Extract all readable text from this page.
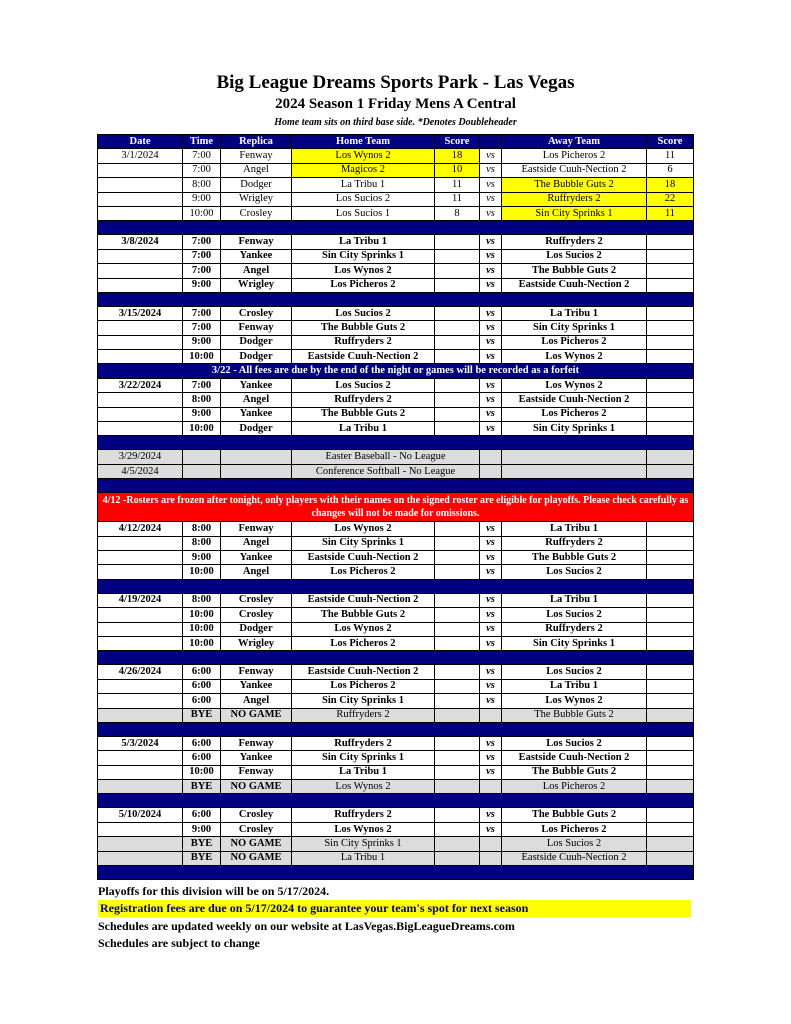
Big League Dreams Sports Park - Las Vegas
2024 Season 1 Friday Mens A Central
Home team sits on third base side. *Denotes Doubleheader
Date	Time	Replica	Home Team	Score		Away Team	Score
3/1/2024	7:00	Fenway	Los Wynos 2	18	vs	Los Picheros 2	11
	7:00	Angel	Magicos 2	10	vs	Eastside Cuuh-Nection 2	6
	8:00	Dodger	La Tribu 1	11	vs	The Bubble Guts 2	18
	9:00	Wrigley	Los Sucios 2	11	vs	Ruffryders 2	22
	10:00	Crosley	Los Sucios 1	8	vs	Sin City Sprinks 1	11

3/8/2024	7:00	Fenway	La Tribu 1		vs	Ruffryders 2	
	7:00	Yankee	Sin City Sprinks 1		vs	Los Sucios 2	
	7:00	Angel	Los Wynos 2		vs	The Bubble Guts 2	
	9:00	Wrigley	Los Picheros 2		vs	Eastside Cuuh-Nection 2	

3/15/2024	7:00	Crosley	Los Sucios 2		vs	La Tribu 1	
	7:00	Fenway	The Bubble Guts 2		vs	Sin City Sprinks 1	
	9:00	Dodger	Ruffryders 2		vs	Los Picheros 2	
	10:00	Dodger	Eastside Cuuh-Nection 2		vs	Los Wynos 2	
3/22 - All fees are due by the end of the night or games will be recorded as a forfeit							
3/22/2024	7:00	Yankee	Los Sucios 2		vs	Los Wynos 2	
	8:00	Angel	Ruffryders 2		vs	Eastside Cuuh-Nection 2	
	9:00	Yankee	The Bubble Guts 2		vs	Los Picheros 2	
	10:00	Dodger	La Tribu 1		vs	Sin City Sprinks 1	

3/29/2024			Easter Baseball - No League				
4/5/2024			Conference Softball - No League				

4/12 -Rosters are frozen after tonight, only players with their names on the signed roster are eligible for playoffs. Please check carefully as changes will not be made for omissions.							
4/12/2024	8:00	Fenway	Los Wynos 2		vs	La Tribu 1	
	8:00	Angel	Sin City Sprinks 1		vs	Ruffryders 2	
	9:00	Yankee	Eastside Cuuh-Nection 2		vs	The Bubble Guts 2	
	10:00	Angel	Los Picheros 2		vs	Los Sucios 2	

4/19/2024	8:00	Crosley	Eastside Cuuh-Nection 2		vs	La Tribu 1	
	10:00	Crosley	The Bubble Guts 2		vs	Los Sucios 2	
	10:00	Dodger	Los Wynos 2		vs	Ruffryders 2	
	10:00	Wrigley	Los Picheros 2		vs	Sin City Sprinks 1	

4/26/2024	6:00	Fenway	Eastside Cuuh-Nection 2		vs	Los Sucios 2	
	6:00	Yankee	Los Picheros 2		vs	La Tribu 1	
	6:00	Angel	Sin City Sprinks 1		vs	Los Wynos 2	
	BYE	NO GAME	Ruffryders 2			The Bubble Guts 2	

5/3/2024	6:00	Fenway	Ruffryders 2		vs	Los Sucios 2	
	6:00	Yankee	Sin City Sprinks 1		vs	Eastside Cuuh-Nection 2	
	10:00	Fenway	La Tribu 1		vs	The Bubble Guts 2	
	BYE	NO GAME	Los Wynos 2			Los Picheros 2	

5/10/2024	6:00	Crosley	Ruffryders 2		vs	The Bubble Guts 2	
	9:00	Crosley	Los Wynos 2		vs	Los Picheros 2	
	BYE	NO GAME	Sin City Sprinks 1			Los Sucios 2	
	BYE	NO GAME	La Tribu 1			Eastside Cuuh-Nection 2	

Playoffs for this division will be on 5/17/2024.
Registration fees are due on 5/17/2024 to guarantee your team's spot for next season
Schedules are updated weekly on our website at LasVegas.BigLeagueDreams.com
Schedules are subject to change
